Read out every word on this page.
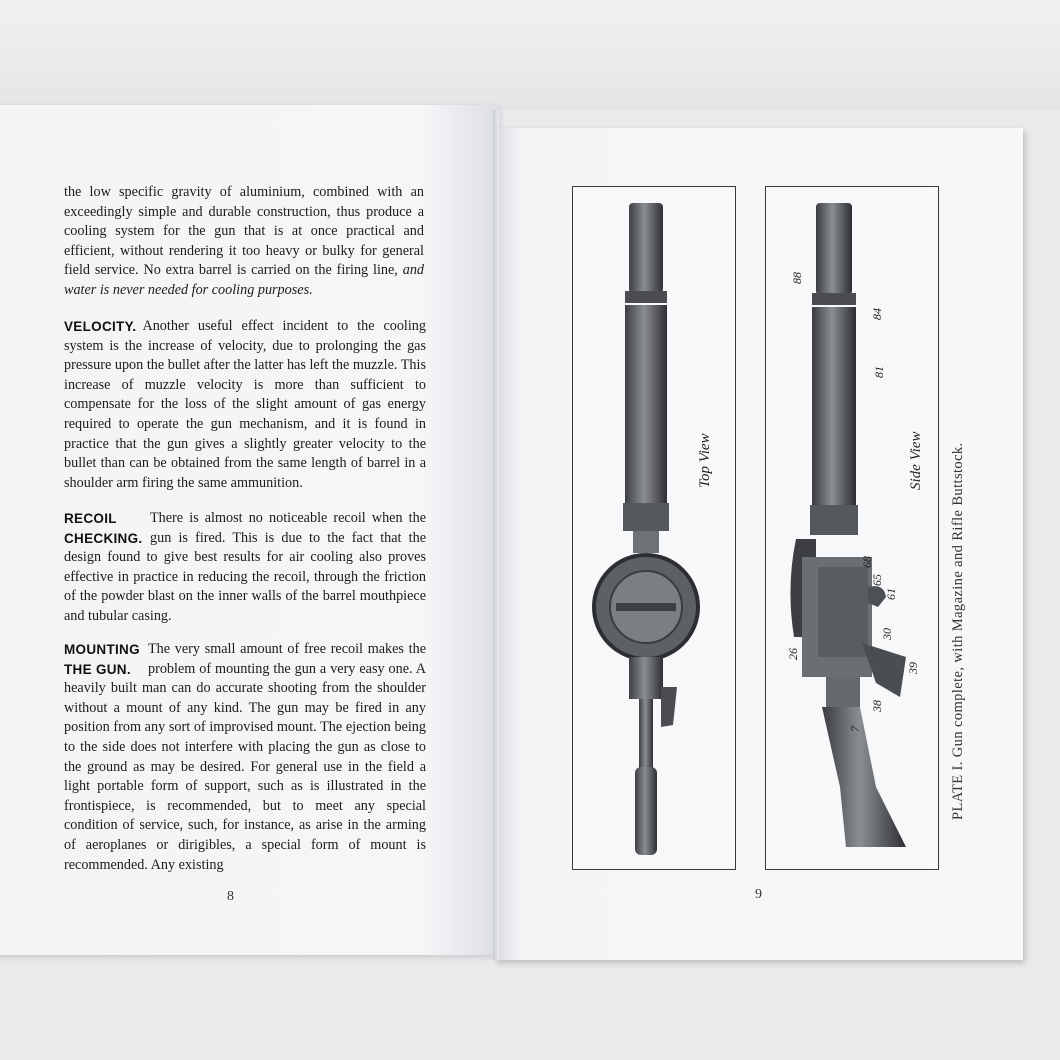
the low specific gravity of aluminium, combined with an exceedingly simple and durable construction, thus produce a cooling system for the gun that is at once practical and efficient, without rendering it too heavy or bulky for general field service. No extra barrel is carried on the firing line, and water is never needed for cooling purposes.
VELOCITY. Another useful effect incident to the cooling system is the increase of velocity, due to prolonging the gas pressure upon the bullet after the latter has left the muzzle. This increase of muzzle velocity is more than sufficient to compensate for the loss of the slight amount of gas energy required to operate the gun mechanism, and it is found in practice that the gun gives a slightly greater velocity to the bullet than can be obtained from the same length of barrel in a shoulder arm firing the same ammunition.
RECOIL CHECKING.
There is almost no noticeable recoil when the gun is fired. This is due to the fact that the design found to give best results for air cooling also proves effective in practice in reducing the recoil, through the friction of the powder blast on the inner walls of the barrel mouthpiece and tubular casing.
MOUNTING THE GUN.
The very small amount of free recoil makes the problem of mounting the gun a very easy one. A heavily built man can do accurate shooting from the shoulder without a mount of any kind. The gun may be fired in any position from any sort of improvised mount. The ejection being to the side does not interfere with placing the gun as close to the ground as may be desired. For general use in the field a light portable form of support, such as is illustrated in the frontispiece, is recommended, but to meet any special condition of service, such, for instance, as arise in the arming of aeroplanes or dirigibles, a special form of mount is recommended. Any existing
8
Top View	Side View
88
84
81
68
65
61
30
39
26
38
7	PLATE I. Gun complete, with Magazine and Rifle Buttstock.
9
